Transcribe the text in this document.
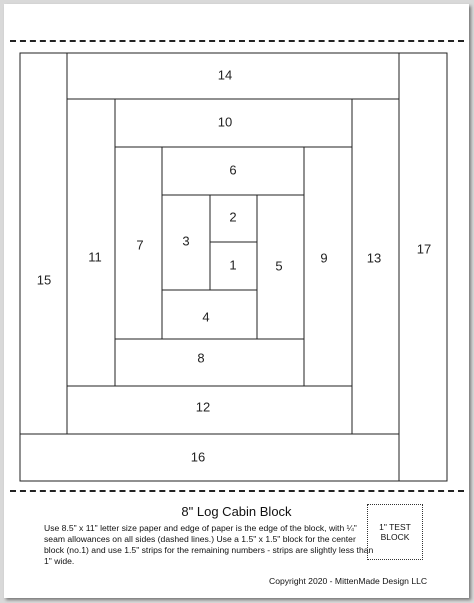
14
10
6
2
1
3
7
5
9
11	13
15
17
4
8
12
16
8" Log Cabin Block
Use 8.5" x 11" letter size paper and edge of paper is the edge of the block, with ¼" seam allowances on all sides (dashed lines.) Use a 1.5" x 1.5" block for the center block (no.1) and use 1.5" strips for the remaining numbers - strips are slightly less than 1" wide.
Copyright 2020 - MittenMade Design LLC
1" TEST
BLOCK
